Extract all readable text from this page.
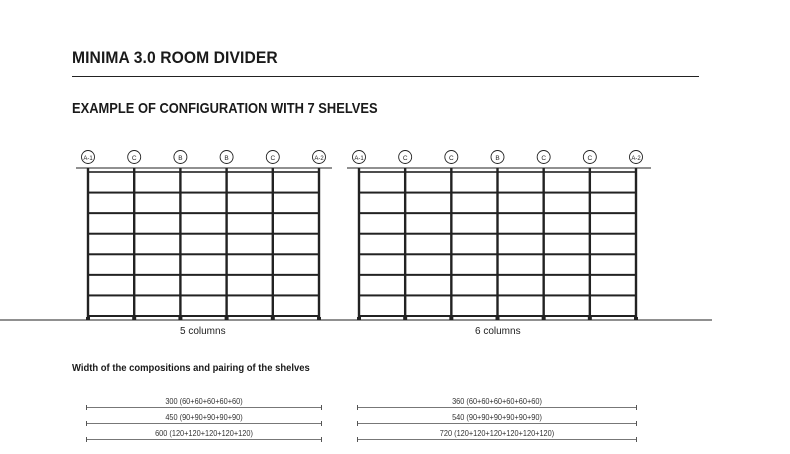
MINIMA 3.0 ROOM DIVIDER
EXAMPLE OF CONFIGURATION WITH 7 SHELVES
A-1	C	B	B	C	A-2	A-1	C	C	B	C	C	A-2
5 columns	6 columns
Width of the compositions and pairing of the shelves
300 (60+60+60+60+60)
450 (90+90+90+90+90)
600 (120+120+120+120+120)
360 (60+60+60+60+60+60)
540 (90+90+90+90+90+90)
720 (120+120+120+120+120+120)
